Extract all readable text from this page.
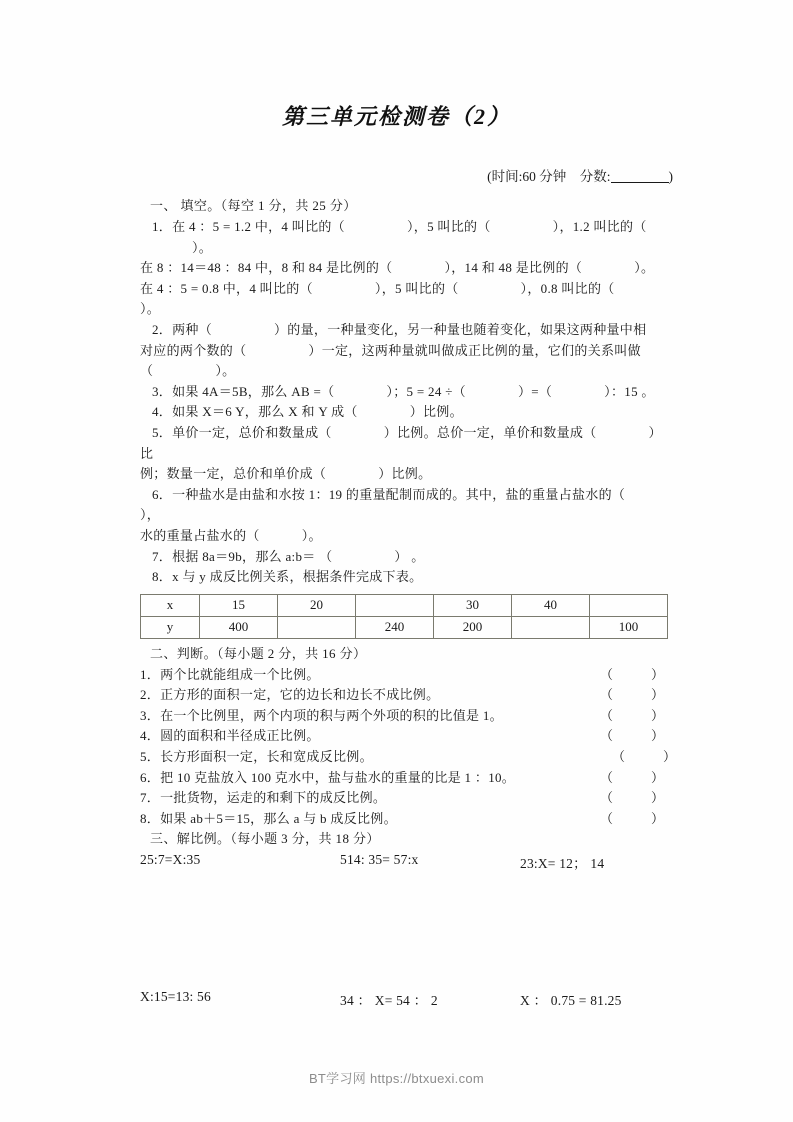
第三单元检测卷（2）
(时间:60 分钟 分数:	)
一、 填空。（每空 1 分，共 25 分）

1．在 4 ：5 = 1.2 中，4 叫比的（	），5 叫比的（	），1.2 叫比的（）。

在 8 ：14＝48 ：84 中，8 和 84 是比例的（	），14 和 48 是比例的（	）。

在 4 ：5 = 0.8 中，4 叫比的（	），5 叫比的（	），0.8 叫比的（）。

2．两种（	）的量，一种量变化，另一种量也随着变化，如果这两种量中相

对应的两个数的（	）一定，这两种量就叫做成正比例的量，它们的关系叫做

（	）。

3．如果 4A＝5B，那么 AB =（	）；5 = 24 ÷（	）=（	）：15 。

4．如果 X＝6 Y，那么 X 和 Y 成（	）比例。

5．单价一定，总价和数量成（	）比例。总价一定，单价和数量成（	）比

例；数量一定，总价和单价成（	）比例。

6．一种盐水是由盐和水按 1：19 的重量配制而成的。其中，盐的重量占盐水的（），

水的重量占盐水的（	）。

7．根据 8a＝9b，那么 a:b＝ （	） 。

8．x 与 y 成反比例关系，根据条件完成下表。

x	15	20		30	40	
y	400		240	200		100
二、判断。（每小题 2 分，共 16 分）
1．两个比就能组成一个比例。	（	）
2．正方形的面积一定，它的边长和边长不成比例。	（	）
3．在一个比例里，两个内项的积与两个外项的积的比值是 1。	（	）
4．圆的面积和半径成正比例。	（	）
5．长方形面积一定，长和宽成反比例。	（	）
6．把 10 克盐放入 100 克水中，盐与盐水的重量的比是 1 ：10。	（	）
7．一批货物，运走的和剩下的成反比例。	（	）
8．如果 ab＋5＝15，那么 a 与 b 成反比例。	（	）
三、解比例。（每小题 3 分，共 18 分）
25:7=X:35	514: 35= 57:x	23:X= 12； 14
X:15=13: 56	34 ： X= 54 ： 2	X ： 0.75 = 81.25
BT学习网 https://btxuexi.com
